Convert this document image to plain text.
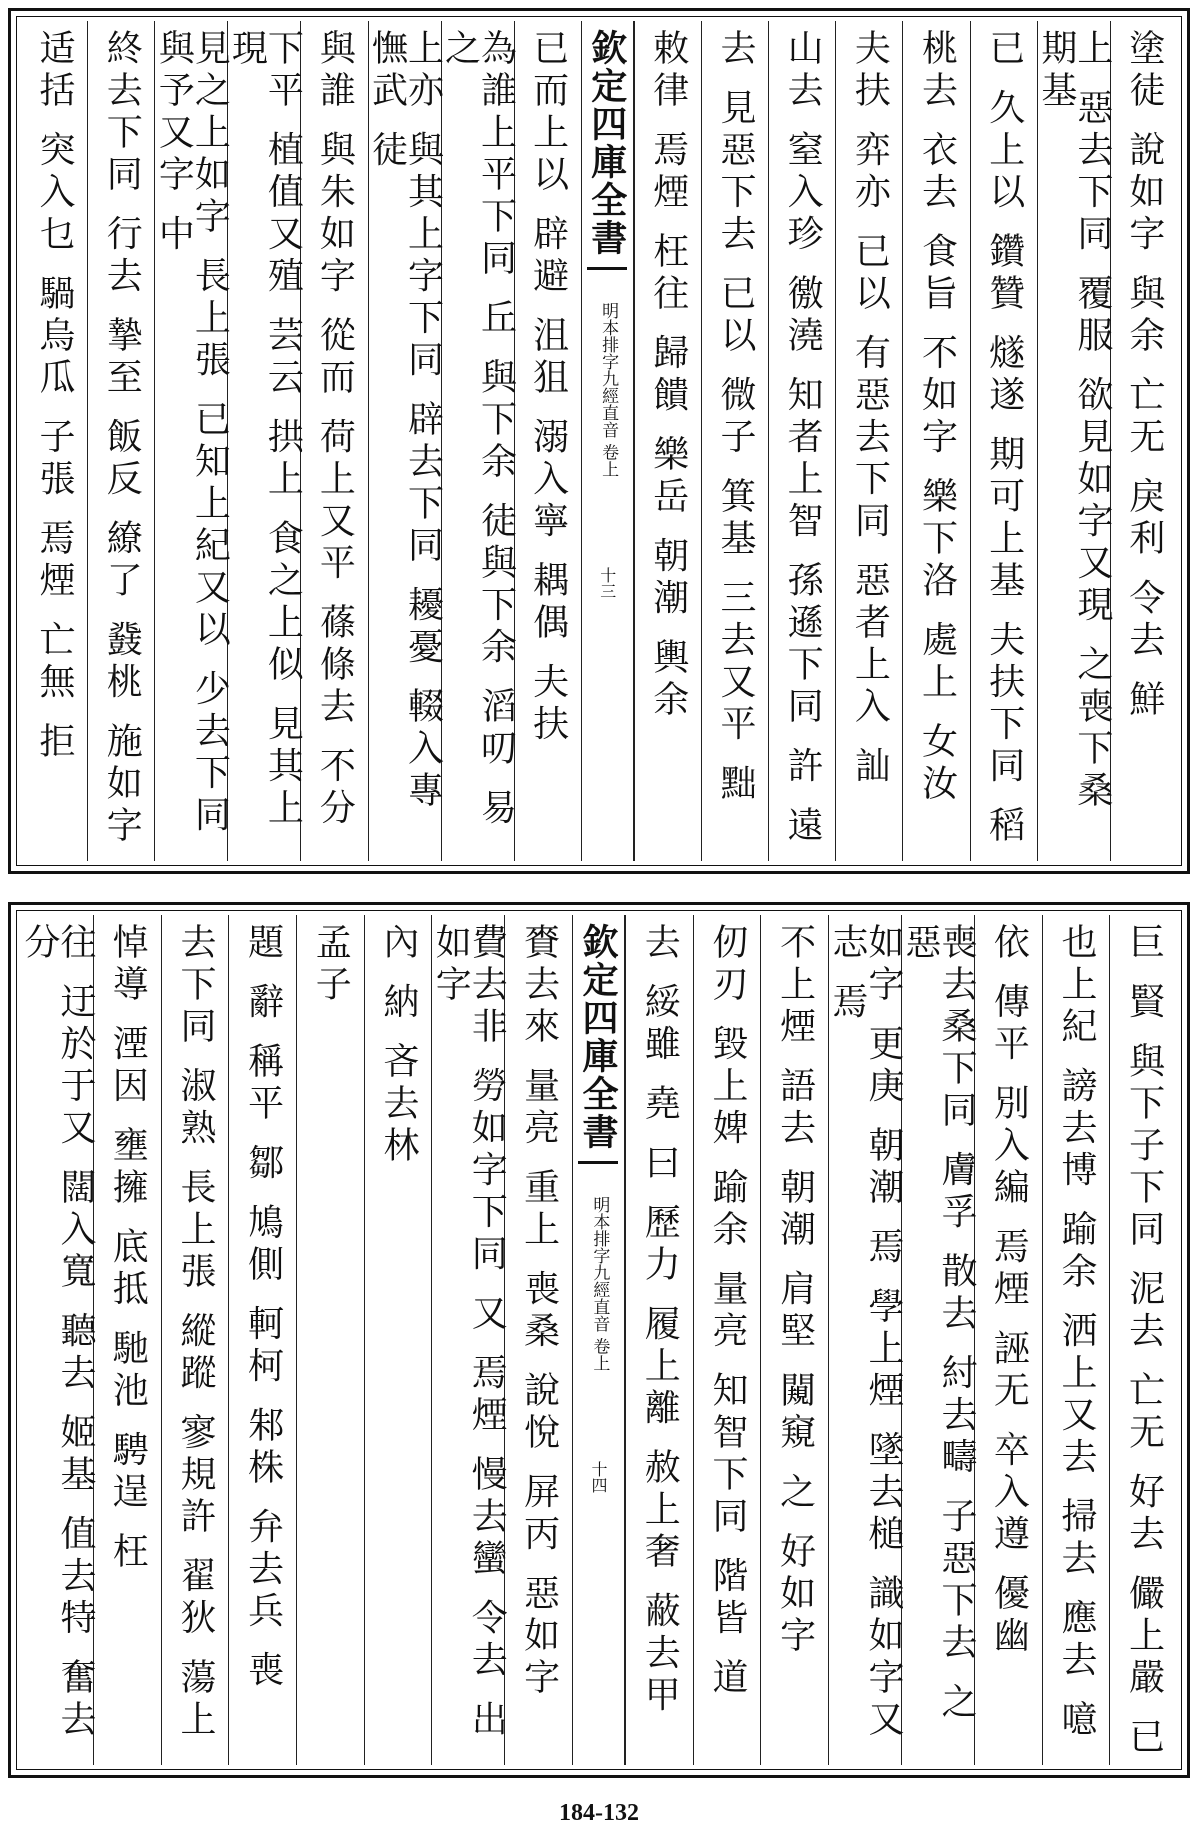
塗徒 說如字 與余 亡无 戾利 令去 鮮
上 惡去下同 覆服 欲見如字又現 之喪下桑 期基
已 久上以 鑽贊 燧遂 期可上基 夫扶下同 稻
桃去 衣去 食旨 不如字 樂下洛 處上 女汝
夫扶 弈亦 已以 有惡去下同 惡者上入 訕
山去 窒入珍 徼澆 知者上智 孫遜下同 許 遠
去 見惡下去 已以 微子 箕基 三去又平 黜
敕律 焉煙 枉往 歸饋 樂岳 朝潮 輿余
欽定四庫全書
明本排字九經直音 卷上
十三
已而上以 辟避 沮狙 溺入寧 耦偶 夫扶
為誰上平下同 丘 與下余 徒與下余 滔叨 易之
上亦 與其上字下同 辟去下同 耰憂 輟入專 憮武 徒
與誰 與朱如字 從而 荷上又平 蓧條去 不分
下平 植值又殖 芸云 拱上 食之上似 見其上現
見之上如字 長上張 已知上紀又以 少去下同 與予又字 中
終去下同 行去 摯至 飯反 繚了 鼗桃 施如字
适括 突入乜 騧烏瓜 子張 焉煙 亡無 拒
巨 賢 與下子下同 泥去 亡无 好去 儼上嚴 已
也上紀 謗去博 踰余 洒上又去 掃去 應去 噫
依 傳平 別入編 焉煙 誣无 卒入遵 優幽
喪去桑下同 膚孚 散去 紂去疇 子惡下去 之惡
如字 更庚 朝潮 焉 學上煙 墜去槌 識如字又志 焉
不上煙 語去 朝潮 肩堅 闚窺 之 好如字
仞刃 毀上婢 踰余 量亮 知智下同 階皆 道
去 綏雖 堯 曰 歷力 履上離 赦上奢 蔽去甲
欽定四庫全書
明本排字九經直音 卷上
十四
賚去來 量亮 重上 喪桑 說悅 屏丙 惡如字
費去非 勞如字下同 又 焉煙 慢去蠻 令去 出如字
內 納 吝去林
孟子
題 辭 稱平 鄒 鳩側 軻柯 邾株 弁去兵 喪
去下同 淑熟 長上張 縱蹤 寥規許 翟狄 蕩上
悼導 湮因 壅擁 底抵 馳池 騁逞 枉
往 迂於于又 闊入寬 聽去 姬基 值去特 奮去分
184-132
